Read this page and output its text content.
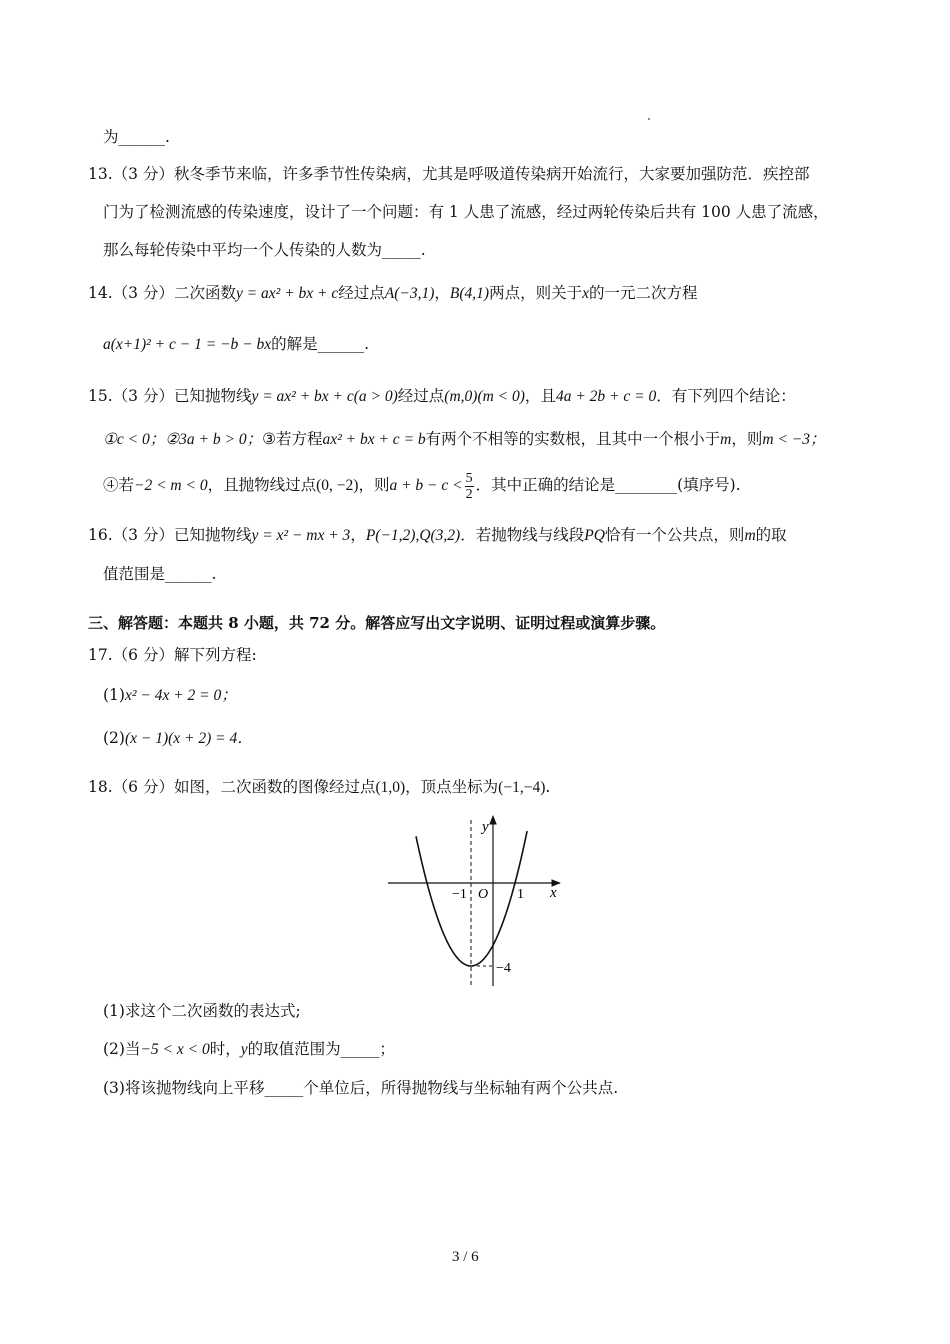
为______.
13.（3 分）秋冬季节来临，许多季节性传染病，尤其是呼吸道传染病开始流行，大家要加强防范．疾控部
门为了检测流感的传染速度，设计了一个问题：有 1 人患了流感，经过两轮传染后共有 100 人患了流感，
那么每轮传染中平均一个人传染的人数为_____.
14.（3 分）二次函数y = ax² + bx + c经过点A(−3,1)，B(4,1)两点，则关于x的一元二次方程
a(x+1)² + c − 1 = −b − bx的解是______.
15.（3 分）已知抛物线y = ax² + bx + c(a > 0)经过点(m,0)(m < 0)，且4a + 2b + c = 0．有下列四个结论：
①c < 0；②3a + b > 0；③若方程ax² + bx + c = b有两个不相等的实数根，且其中一个根小于m，则m < −3；
④若−2 < m < 0，且抛物线过点(0, −2)，则$a + b - c < \frac{5}{2}$ ．其中正确的结论是________(填序号).
16.（3 分）已知抛物线y = x² − mx + 3，P(−1,2),Q(3,2)．若抛物线与线段PQ恰有一个公共点，则m的取
值范围是______.
三、解答题：本题共 8 小题，共 72 分。解答应写出文字说明、证明过程或演算步骤。
17.（6 分）解下列方程:
(1)x² − 4x + 2 = 0；
(2)(x − 1)(x + 2) = 4．
18.（6 分）如图，二次函数的图像经过点(1,0)，顶点坐标为(−1,−4).
y
x
O
−1	1
−4
(1)求这个二次函数的表达式;
(2)当−5 < x < 0时，y的取值范围为_____；
(3)将该抛物线向上平移_____个单位后，所得抛物线与坐标轴有两个公共点.
3 / 6
